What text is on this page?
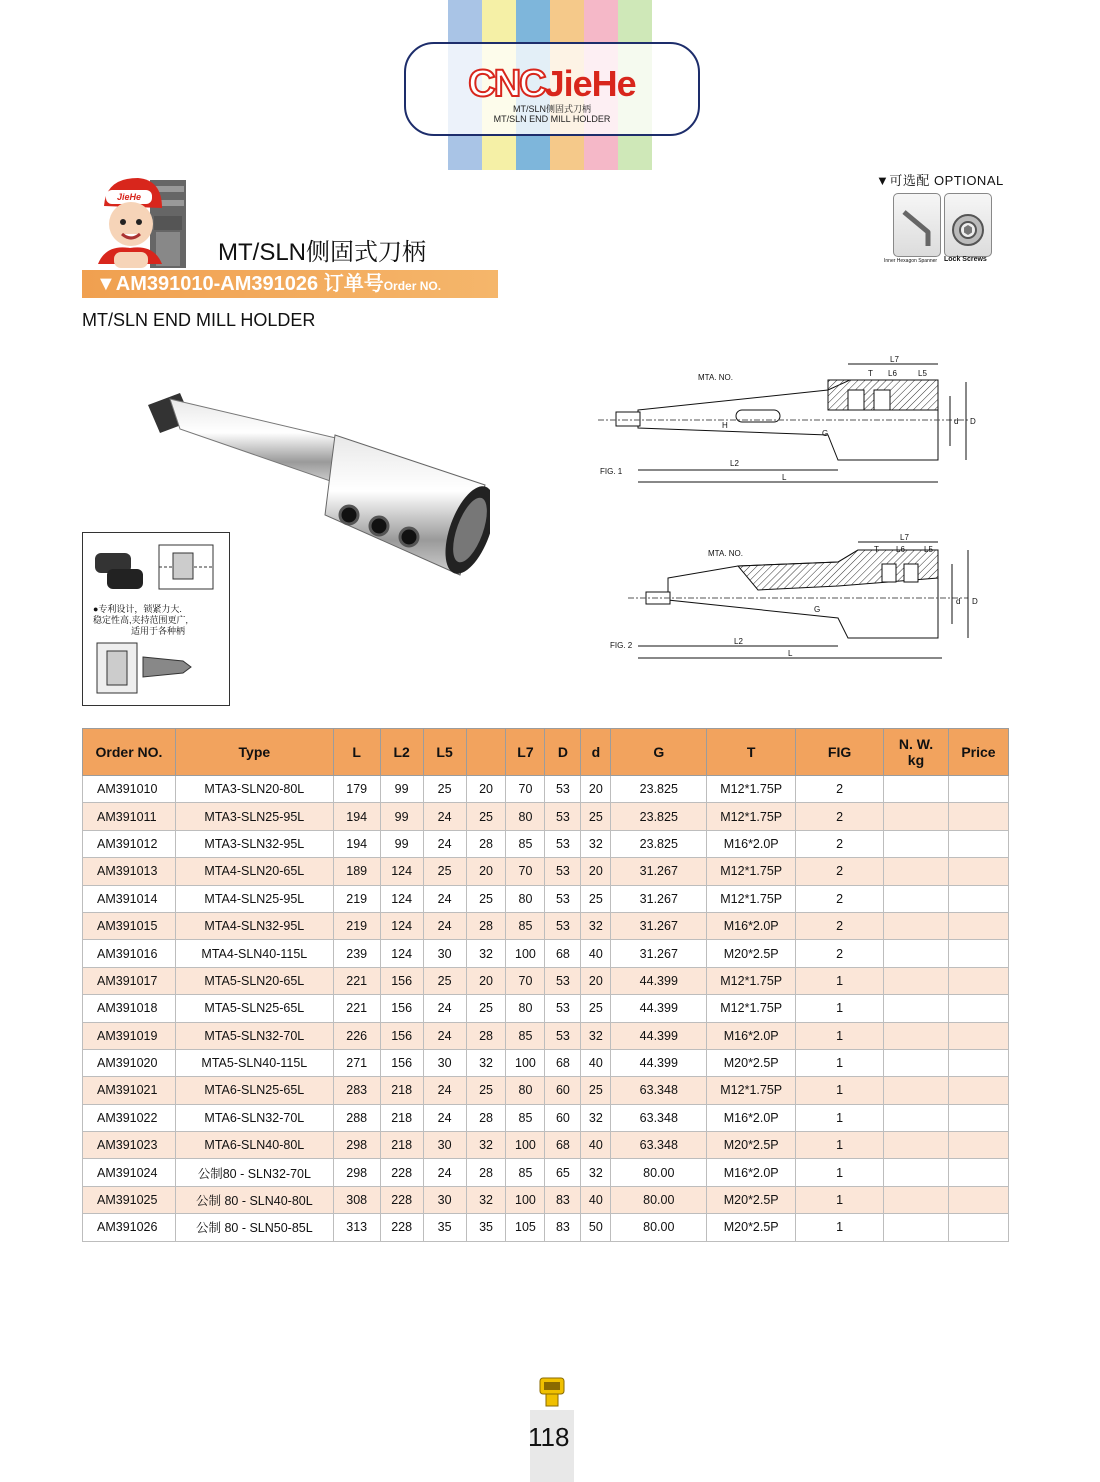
CNCJieHe
MT/SLN侧固式刀柄
MT/SLN END MILL HOLDER
▼可选配 OPTIONAL
Inner Hexagon Spanner Lock Screws
JieHe
MT/SLN侧固式刀柄
▼AM391010-AM391026 订单号Order NO.
MT/SLN END MILL HOLDER
●专利设计，锁紧力大.
稳定性高,夹持范围更广,
适用于各种柄
FIG. 1
MTA. NO.
L7
T L6	L5
H
G
d D
L2
L
FIG. 2
MTA. NO.
L7
T L6 L5
G
d D
L2
L
Order NO.	Type	L	L2	L5		L7	D	d	G	T	FIG	N. W.
kg	Price
AM391010	MTA3-SLN20-80L	179	99	25	20	70	53	20	23.825	M12*1.75P	2		
AM391011	MTA3-SLN25-95L	194	99	24	25	80	53	25	23.825	M12*1.75P	2		
AM391012	MTA3-SLN32-95L	194	99	24	28	85	53	32	23.825	M16*2.0P	2		
AM391013	MTA4-SLN20-65L	189	124	25	20	70	53	20	31.267	M12*1.75P	2		
AM391014	MTA4-SLN25-95L	219	124	24	25	80	53	25	31.267	M12*1.75P	2		
AM391015	MTA4-SLN32-95L	219	124	24	28	85	53	32	31.267	M16*2.0P	2		
AM391016	MTA4-SLN40-115L	239	124	30	32	100	68	40	31.267	M20*2.5P	2		
AM391017	MTA5-SLN20-65L	221	156	25	20	70	53	20	44.399	M12*1.75P	1		
AM391018	MTA5-SLN25-65L	221	156	24	25	80	53	25	44.399	M12*1.75P	1		
AM391019	MTA5-SLN32-70L	226	156	24	28	85	53	32	44.399	M16*2.0P	1		
AM391020	MTA5-SLN40-115L	271	156	30	32	100	68	40	44.399	M20*2.5P	1		
AM391021	MTA6-SLN25-65L	283	218	24	25	80	60	25	63.348	M12*1.75P	1		
AM391022	MTA6-SLN32-70L	288	218	24	28	85	60	32	63.348	M16*2.0P	1		
AM391023	MTA6-SLN40-80L	298	218	30	32	100	68	40	63.348	M20*2.5P	1		
AM391024	公制80 - SLN32-70L	298	228	24	28	85	65	32	80.00	M16*2.0P	1		
AM391025	公制 80 - SLN40-80L	308	228	30	32	100	83	40	80.00	M20*2.5P	1		
AM391026	公制 80 - SLN50-85L	313	228	35	35	105	83	50	80.00	M20*2.5P	1		
118
